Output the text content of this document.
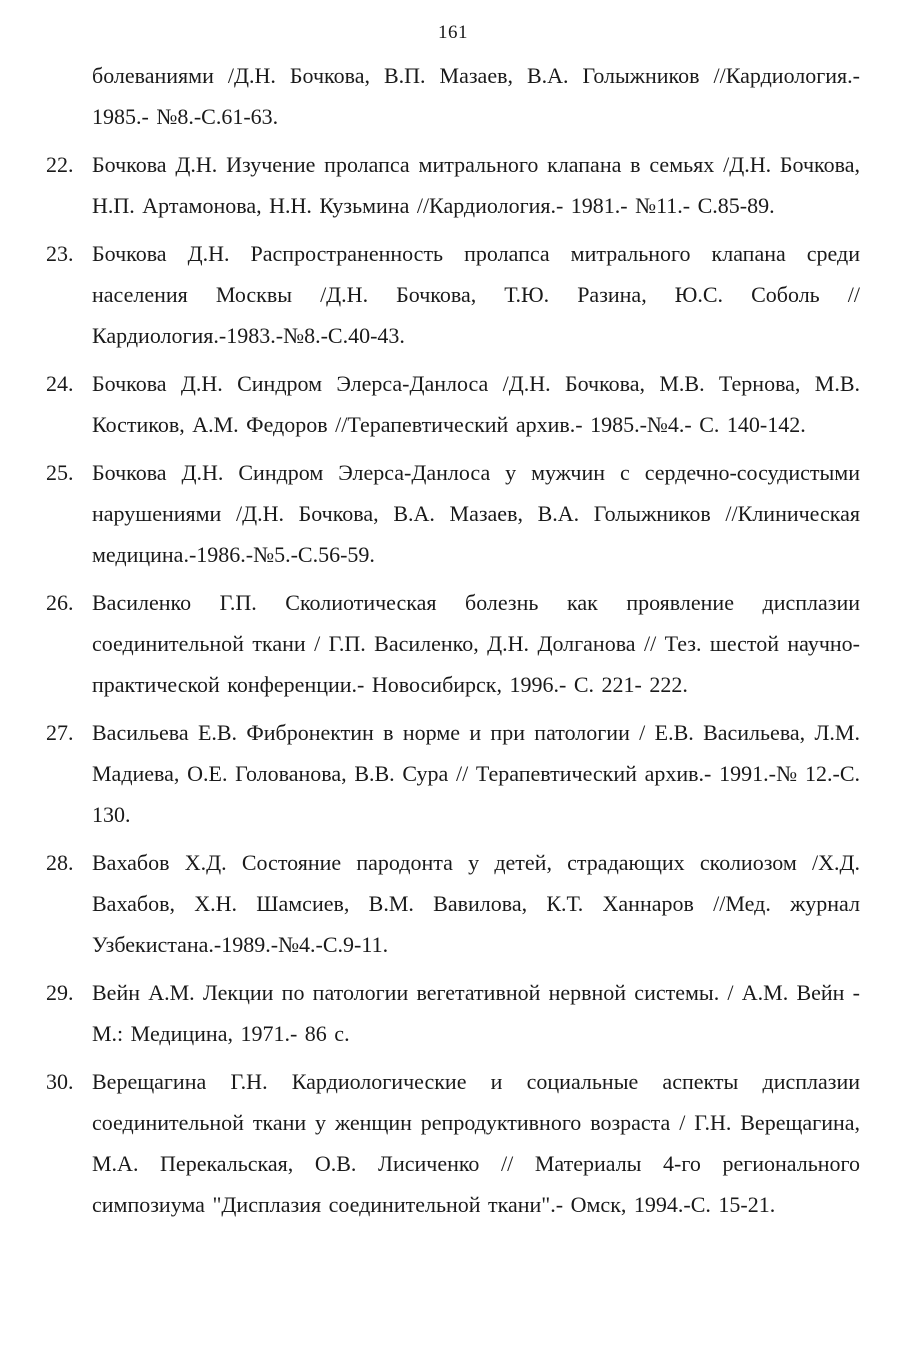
161

болеваниями /Д.Н. Бочкова, В.П. Мазаев, В.А. Голыжников //Кардиология.- 1985.- №8.-С.61-63.

22. Бочкова Д.Н. Изучение пролапса митрального клапана в семьях /Д.Н. Бочкова, Н.П. Артамонова, Н.Н. Кузьмина //Кардиология.- 1981.- №11.- С.85-89.

23. Бочкова Д.Н. Распространенность пролапса митрального клапана среди населения Москвы /Д.Н. Бочкова, Т.Ю. Разина, Ю.С. Соболь //Кардиология.-1983.-№8.-С.40-43.

24. Бочкова Д.Н. Синдром Элерса-Данлоса /Д.Н. Бочкова, М.В. Тернова, М.В. Костиков, А.М. Федоров //Терапевтический архив.- 1985.-№4.- С. 140-142.

25. Бочкова Д.Н. Синдром Элерса-Данлоса у мужчин с сердечно-сосудистыми нарушениями /Д.Н. Бочкова, В.А. Мазаев, В.А. Голыжников //Клиническая медицина.-1986.-№5.-С.56-59.

26. Василенко Г.П. Сколиотическая болезнь как проявление дисплазии соединительной ткани / Г.П. Василенко, Д.Н. Долганова // Тез. шестой научно- практической конференции.- Новосибирск, 1996.- С. 221- 222.

27. Васильева Е.В. Фибронектин в норме и при патологии / Е.В. Васильева, Л.М. Мадиева, О.Е. Голованова, В.В. Сура // Терапевтический архив.- 1991.-№ 12.-С. 130.

28. Вахабов Х.Д. Состояние пародонта у детей, страдающих сколиозом /Х.Д. Вахабов, Х.Н. Шамсиев, В.М. Вавилова, К.Т. Ханнаров //Мед. журнал Узбекистана.-1989.-№4.-С.9-11.

29. Вейн А.М. Лекции по патологии вегетативной нервной системы. / А.М. Вейн - М.: Медицина, 1971.- 86 с.

30. Верещагина Г.Н. Кардиологические и социальные аспекты дисплазии соединительной ткани у женщин репродуктивного возраста / Г.Н. Верещагина, М.А. Перекальская, О.В. Лисиченко // Материалы 4-го регионального симпозиума "Дисплазия соединительной ткани".- Омск, 1994.-С. 15-21.
